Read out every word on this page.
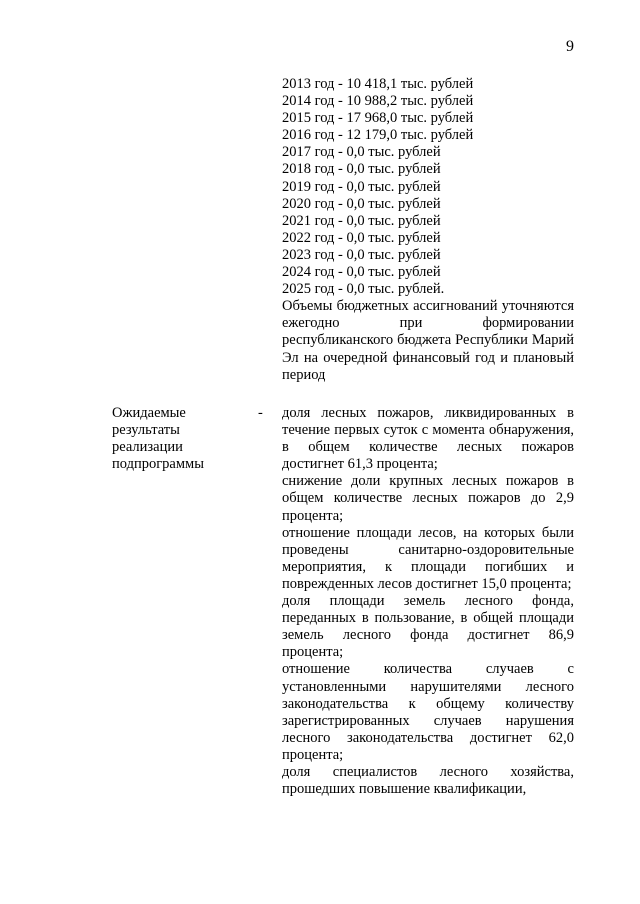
9
2013 год - 10 418,1 тыс. рублей
2014 год - 10 988,2 тыс. рублей
2015 год - 17 968,0 тыс. рублей
2016 год - 12 179,0 тыс. рублей
2017 год - 0,0 тыс. рублей
2018 год - 0,0 тыс. рублей
2019 год - 0,0 тыс. рублей
2020 год - 0,0 тыс. рублей
2021 год - 0,0 тыс. рублей
2022 год - 0,0 тыс. рублей
2023 год - 0,0 тыс. рублей
2024 год - 0,0 тыс. рублей
2025 год - 0,0 тыс. рублей.

Объемы бюджетных ассигнований уточняются ежегодно при формировании республиканского бюджета Республики Марий Эл на очередной финансовый год и плановый период

Ожидаемые результаты реализации подпрограммы
- доля лесных пожаров, ликвидированных в течение первых суток с момента обнаружения, в общем количестве лесных пожаров достигнет 61,3 процента;

снижение доли крупных лесных пожаров в общем количестве лесных пожаров до 2,9 процента;

отношение площади лесов, на которых были проведены санитарно-оздоровительные мероприятия, к площади погибших и поврежденных лесов достигнет 15,0 процента;

доля площади земель лесного фонда, переданных в пользование, в общей площади земель лесного фонда достигнет 86,9 процента;

отношение количества случаев с установленными нарушителями лесного законодательства к общему количеству зарегистрированных случаев нарушения лесного законодательства достигнет 62,0 процента;

доля специалистов лесного хозяйства, прошедших повышение квалификации,
